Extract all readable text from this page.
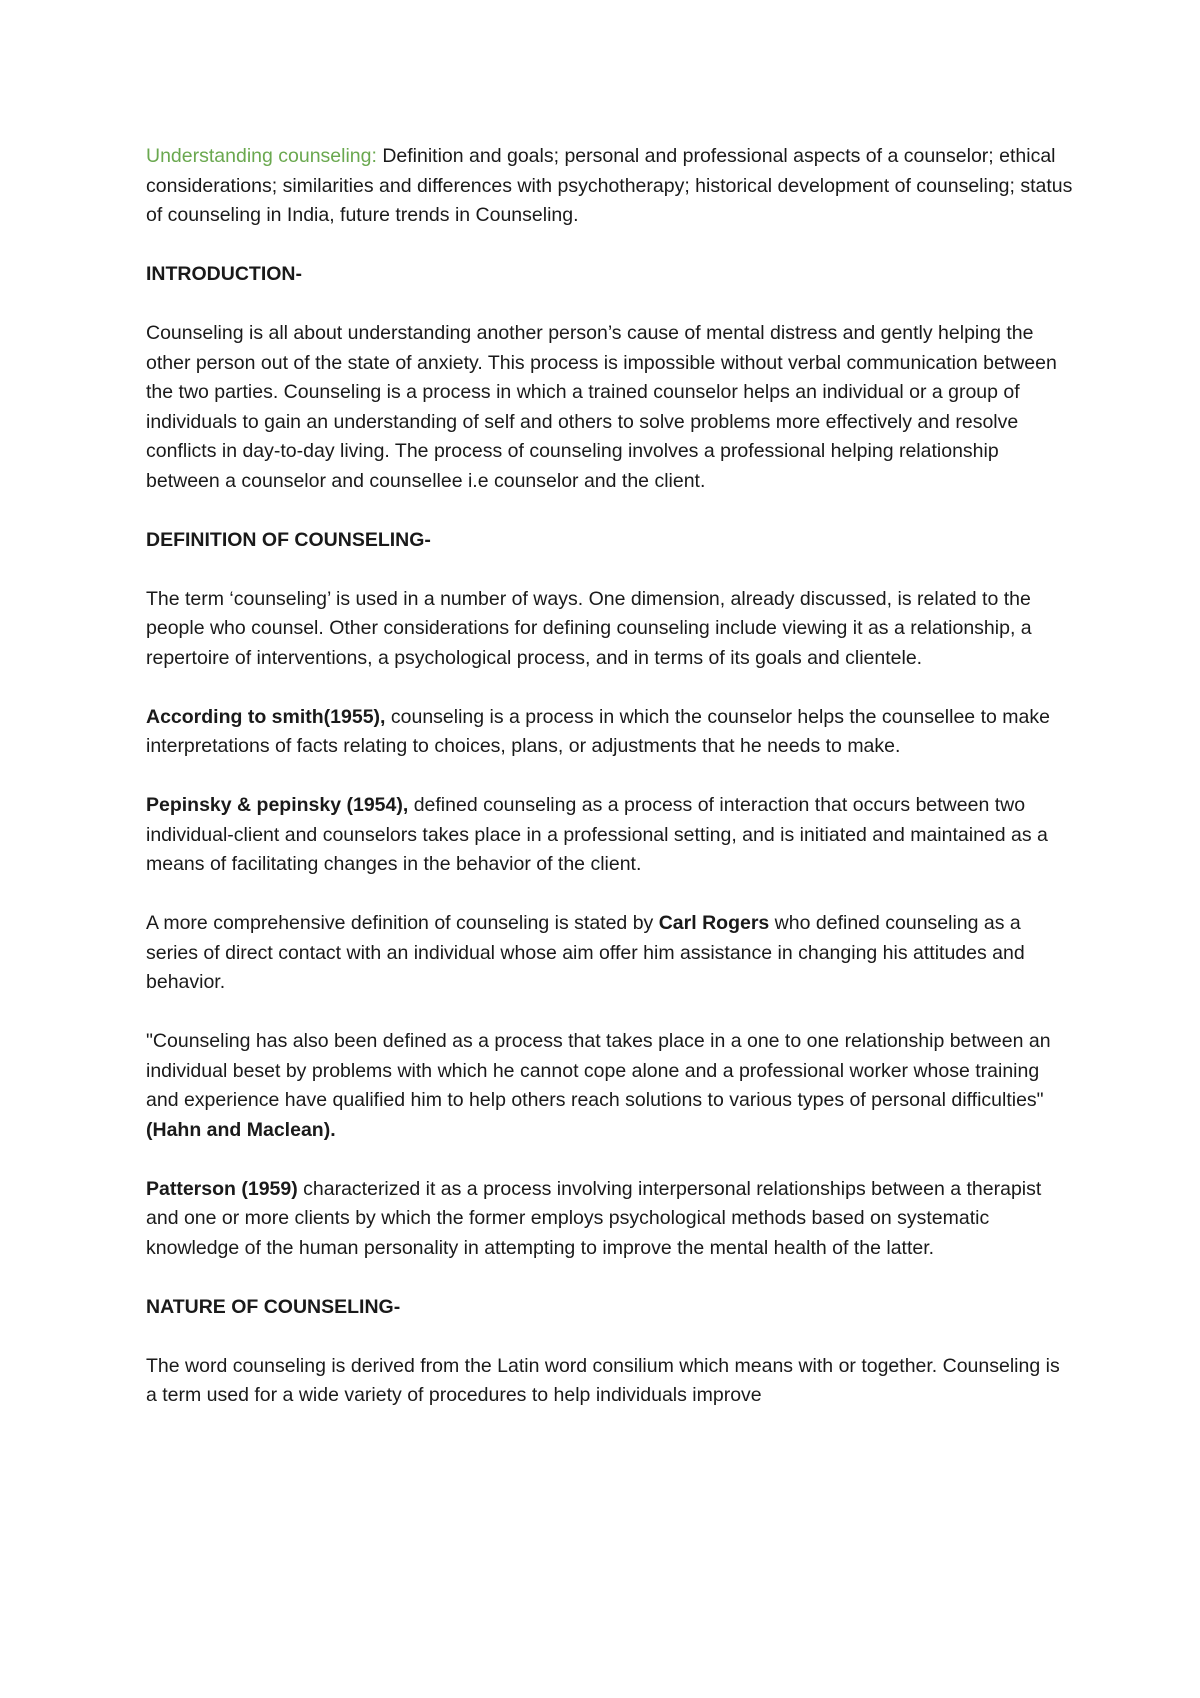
Understanding counseling: Definition and goals; personal and professional aspects of a counselor; ethical considerations; similarities and differences with psychotherapy; historical development of counseling; status of counseling in India, future trends in Counseling.

INTRODUCTION-

Counseling is all about understanding another person’s cause of mental distress and gently helping the other person out of the state of anxiety. This process is impossible without verbal communication between the two parties. Counseling is a process in which a trained counselor helps an individual or a group of individuals to gain an understanding of self and others to solve problems more effectively and resolve conflicts in day-to-day living. The process of counseling involves a professional helping relationship between a counselor and counsellee i.e counselor and the client.

DEFINITION OF COUNSELING-

The term ‘counseling’ is used in a number of ways. One dimension, already discussed, is related to the people who counsel. Other considerations for defining counseling include viewing it as a relationship, a repertoire of interventions, a psychological process, and in terms of its goals and clientele.

According to smith(1955), counseling is a process in which the counselor helps the counsellee to make interpretations of facts relating to choices, plans, or adjustments that he needs to make.

Pepinsky & pepinsky (1954), defined counseling as a process of interaction that occurs between two individual-client and counselors takes place in a professional setting, and is initiated and maintained as a means of facilitating changes in the behavior of the client.

A more comprehensive definition of counseling is stated by Carl Rogers who defined counseling as a series of direct contact with an individual whose aim offer him assistance in changing his attitudes and behavior.

"Counseling has also been defined as a process that takes place in a one to one relationship between an individual beset by problems with which he cannot cope alone and a professional worker whose training and experience have qualified him to help others reach solutions to various types of personal difficulties" (Hahn and Maclean).

Patterson (1959) characterized it as a process involving interpersonal relationships between a therapist and one or more clients by which the former employs psychological methods based on systematic knowledge of the human personality in attempting to improve the mental health of the latter.

NATURE OF COUNSELING-

The word counseling is derived from the Latin word consilium which means with or together. Counseling is a term used for a wide variety of procedures to help individuals improve
